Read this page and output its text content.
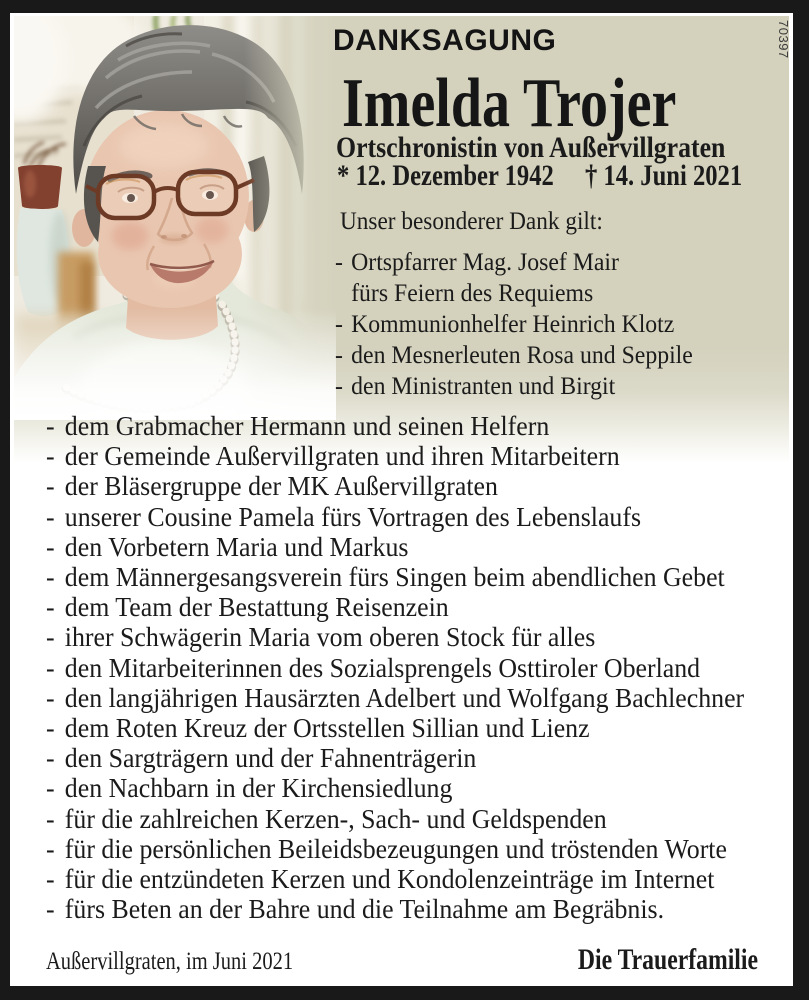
70397
DANKSAGUNG
Imelda Trojer
Ortschronistin von Außervillgraten
* 12. Dezember 1942 † 14. Juni 2021
Unser besonderer Dank gilt:
- Ortspfarrer Mag. Josef Mair
fürs Feiern des Requiems
- Kommunionhelfer Heinrich Klotz
- den Mesnerleuten Rosa und Seppile
- den Ministranten und Birgit
- dem Grabmacher Hermann und seinen Helfern
- der Gemeinde Außervillgraten und ihren Mitarbeitern
- der Bläsergruppe der MK Außervillgraten
- unserer Cousine Pamela fürs Vortragen des Lebenslaufs
- den Vorbetern Maria und Markus
- dem Männergesangsverein fürs Singen beim abendlichen Gebet
- dem Team der Bestattung Reisenzein
- ihrer Schwägerin Maria vom oberen Stock für alles
- den Mitarbeiterinnen des Sozialsprengels Osttiroler Oberland
- den langjährigen Hausärzten Adelbert und Wolfgang Bachlechner
- dem Roten Kreuz der Ortsstellen Sillian und Lienz
- den Sargträgern und der Fahnenträgerin
- den Nachbarn in der Kirchensiedlung
- für die zahlreichen Kerzen-, Sach- und Geldspenden
- für die persönlichen Beileidsbezeugungen und tröstenden Worte
- für die entzündeten Kerzen und Kondolenzeinträge im Internet
- fürs Beten an der Bahre und die Teilnahme am Begräbnis.
Außervillgraten, im Juni 2021	Die Trauerfamilie
